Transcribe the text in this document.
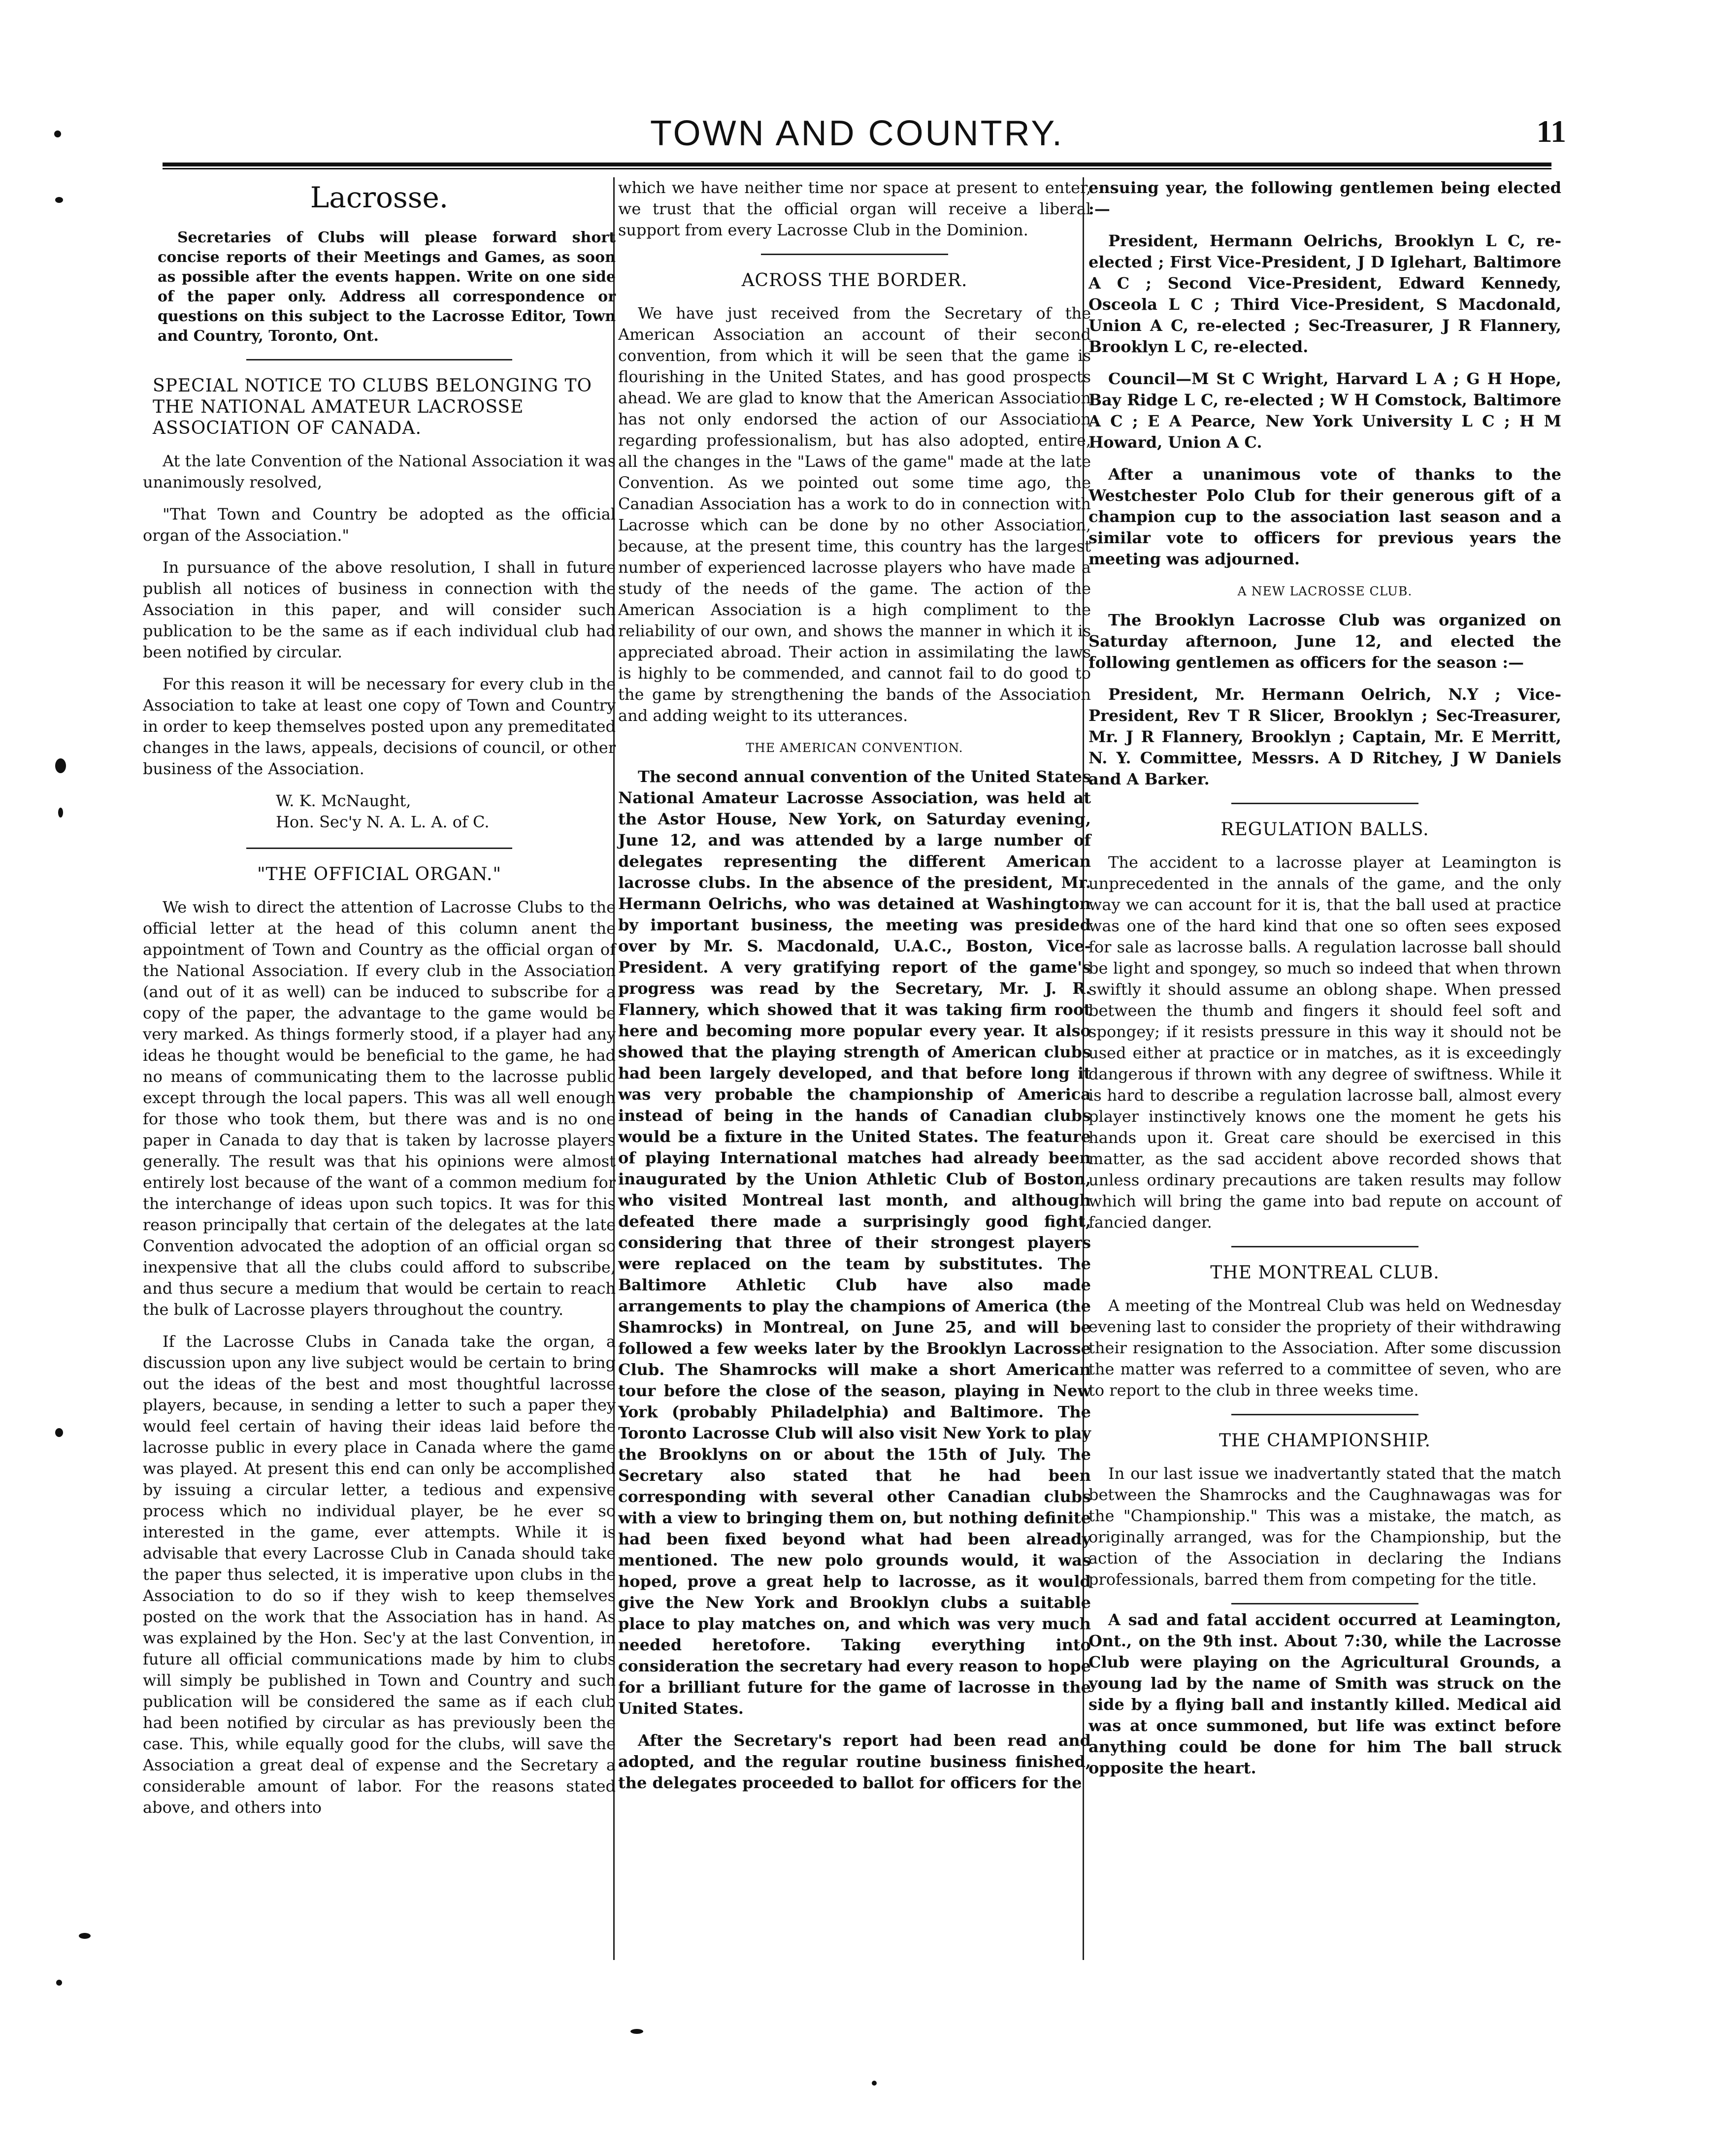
TOWN AND COUNTRY.	11
Lacrosse.

Secretaries of Clubs will please forward short concise reports of their Meetings and Games, as soon as possible after the events happen. Write on one side of the paper only. Address all correspondence or questions on this subject to the Lacrosse Editor, Town and Country, Toronto, Ont.

SPECIAL NOTICE TO CLUBS BELONGING TO THE NATIONAL AMATEUR LACROSSE ASSOCIATION OF CANADA.

At the late Convention of the National Association it was unanimously resolved,

"That Town and Country be adopted as the official organ of the Association."

In pursuance of the above resolution, I shall in future publish all notices of business in connection with the Association in this paper, and will consider such publication to be the same as if each individual club had been notified by circular.

For this reason it will be necessary for every club in the Association to take at least one copy of Town and Country in order to keep themselves posted upon any premeditated changes in the laws, appeals, decisions of council, or other business of the Association.

W. K. McNaught,
Hon. Sec'y N. A. L. A. of C.
"THE OFFICIAL ORGAN."

We wish to direct the attention of Lacrosse Clubs to the official letter at the head of this column anent the appointment of Town and Country as the official organ of the National Association. If every club in the Association (and out of it as well) can be induced to subscribe for a copy of the paper, the advantage to the game would be very marked. As things formerly stood, if a player had any ideas he thought would be beneficial to the game, he had no means of communicating them to the lacrosse public except through the local papers. This was all well enough for those who took them, but there was and is no one paper in Canada to day that is taken by lacrosse players generally. The result was that his opinions were almost entirely lost because of the want of a common medium for the interchange of ideas upon such topics. It was for this reason principally that certain of the delegates at the late Convention advocated the adoption of an official organ so inexpensive that all the clubs could afford to subscribe, and thus secure a medium that would be certain to reach the bulk of Lacrosse players throughout the country.

If the Lacrosse Clubs in Canada take the organ, a discussion upon any live subject would be certain to bring out the ideas of the best and most thoughtful lacrosse players, because, in sending a letter to such a paper they would feel certain of having their ideas laid before the lacrosse public in every place in Canada where the game was played. At present this end can only be accomplished by issuing a circular letter, a tedious and expensive process which no individual player, be he ever so interested in the game, ever attempts. While it is advisable that every Lacrosse Club in Canada should take the paper thus selected, it is imperative upon clubs in the Association to do so if they wish to keep themselves posted on the work that the Association has in hand. As was explained by the Hon. Sec'y at the last Convention, in future all official communications made by him to clubs will simply be published in Town and Country and such publication will be considered the same as if each club had been notified by circular as has previously been the case. This, while equally good for the clubs, will save the Association a great deal of expense and the Secretary a considerable amount of labor. For the reasons stated above, and others into

which we have neither time nor space at present to enter, we trust that the official organ will receive a liberal support from every Lacrosse Club in the Dominion.

ACROSS THE BORDER.

We have just received from the Secretary of the American Association an account of their second convention, from which it will be seen that the game is flourishing in the United States, and has good prospects ahead. We are glad to know that the American Association has not only endorsed the action of our Association regarding professionalism, but has also adopted, entire, all the changes in the "Laws of the game" made at the late Convention. As we pointed out some time ago, the Canadian Association has a work to do in connection with Lacrosse which can be done by no other Association, because, at the present time, this country has the largest number of experienced lacrosse players who have made a study of the needs of the game. The action of the American Association is a high compliment to the reliability of our own, and shows the manner in which it is appreciated abroad. Their action in assimilating the laws is highly to be commended, and cannot fail to do good to the game by strengthening the bands of the Association and adding weight to its utterances.

THE AMERICAN CONVENTION.

The second annual convention of the United States National Amateur Lacrosse Association, was held at the Astor House, New York, on Saturday evening, June 12, and was attended by a large number of delegates representing the different American lacrosse clubs. In the absence of the president, Mr. Hermann Oelrichs, who was detained at Washington by important business, the meeting was presided over by Mr. S. Macdonald, U.A.C., Boston, Vice-President. A very gratifying report of the game's progress was read by the Secretary, Mr. J. R. Flannery, which showed that it was taking firm root here and becoming more popular every year. It also showed that the playing strength of American clubs had been largely developed, and that before long it was very probable the championship of America instead of being in the hands of Canadian clubs would be a fixture in the United States. The feature of playing International matches had already been inaugurated by the Union Athletic Club of Boston, who visited Montreal last month, and although defeated there made a surprisingly good fight, considering that three of their strongest players were replaced on the team by substitutes. The Baltimore Athletic Club have also made arrangements to play the champions of America (the Shamrocks) in Montreal, on June 25, and will be followed a few weeks later by the Brooklyn Lacrosse Club. The Shamrocks will make a short American tour before the close of the season, playing in New York (probably Philadelphia) and Baltimore. The Toronto Lacrosse Club will also visit New York to play the Brooklyns on or about the 15th of July. The Secretary also stated that he had been corresponding with several other Canadian clubs with a view to bringing them on, but nothing definite had been fixed beyond what had been already mentioned. The new polo grounds would, it was hoped, prove a great help to lacrosse, as it would give the New York and Brooklyn clubs a suitable place to play matches on, and which was very much needed heretofore. Taking everything into consideration the secretary had every reason to hope for a brilliant future for the game of lacrosse in the United States.

After the Secretary's report had been read and adopted, and the regular routine business finished, the delegates proceeded to ballot for officers for the

ensuing year, the following gentlemen being elected :—

President, Hermann Oelrichs, Brooklyn L C, re-elected ; First Vice-President, J D Iglehart, Baltimore A C ; Second Vice-President, Edward Kennedy, Osceola L C ; Third Vice-President, S Macdonald, Union A C, re-elected ; Sec-Treasurer, J R Flannery, Brooklyn L C, re-elected.

Council—M St C Wright, Harvard L A ; G H Hope, Bay Ridge L C, re-elected ; W H Comstock, Baltimore A C ; E A Pearce, New York University L C ; H M Howard, Union A C.

After a unanimous vote of thanks to the Westchester Polo Club for their generous gift of a champion cup to the association last season and a similar vote to officers for previous years the meeting was adjourned.

A NEW LACROSSE CLUB.

The Brooklyn Lacrosse Club was organized on Saturday afternoon, June 12, and elected the following gentlemen as officers for the season :—

President, Mr. Hermann Oelrich, N.Y ; Vice-President, Rev T R Slicer, Brooklyn ; Sec-Treasurer, Mr. J R Flannery, Brooklyn ; Captain, Mr. E Merritt, N. Y. Committee, Messrs. A D Ritchey, J W Daniels and A Barker.

REGULATION BALLS.

The accident to a lacrosse player at Leamington is unprecedented in the annals of the game, and the only way we can account for it is, that the ball used at practice was one of the hard kind that one so often sees exposed for sale as lacrosse balls. A regulation lacrosse ball should be light and spongey, so much so indeed that when thrown swiftly it should assume an oblong shape. When pressed between the thumb and fingers it should feel soft and spongey; if it resists pressure in this way it should not be used either at practice or in matches, as it is exceedingly dangerous if thrown with any degree of swiftness. While it is hard to describe a regulation lacrosse ball, almost every player instinctively knows one the moment he gets his hands upon it. Great care should be exercised in this matter, as the sad accident above recorded shows that unless ordinary precautions are taken results may follow which will bring the game into bad repute on account of fancied danger.

THE MONTREAL CLUB.

A meeting of the Montreal Club was held on Wednesday evening last to consider the propriety of their withdrawing their resignation to the Association. After some discussion the matter was referred to a committee of seven, who are to report to the club in three weeks time.

THE CHAMPIONSHIP.

In our last issue we inadvertantly stated that the match between the Shamrocks and the Caughnawagas was for the "Championship." This was a mistake, the match, as originally arranged, was for the Championship, but the action of the Association in declaring the Indians professionals, barred them from competing for the title.

A sad and fatal accident occurred at Leamington, Ont., on the 9th inst. About 7:30, while the Lacrosse Club were playing on the Agricultural Grounds, a young lad by the name of Smith was struck on the side by a flying ball and instantly killed. Medical aid was at once summoned, but life was extinct before anything could be done for him The ball struck opposite the heart.
